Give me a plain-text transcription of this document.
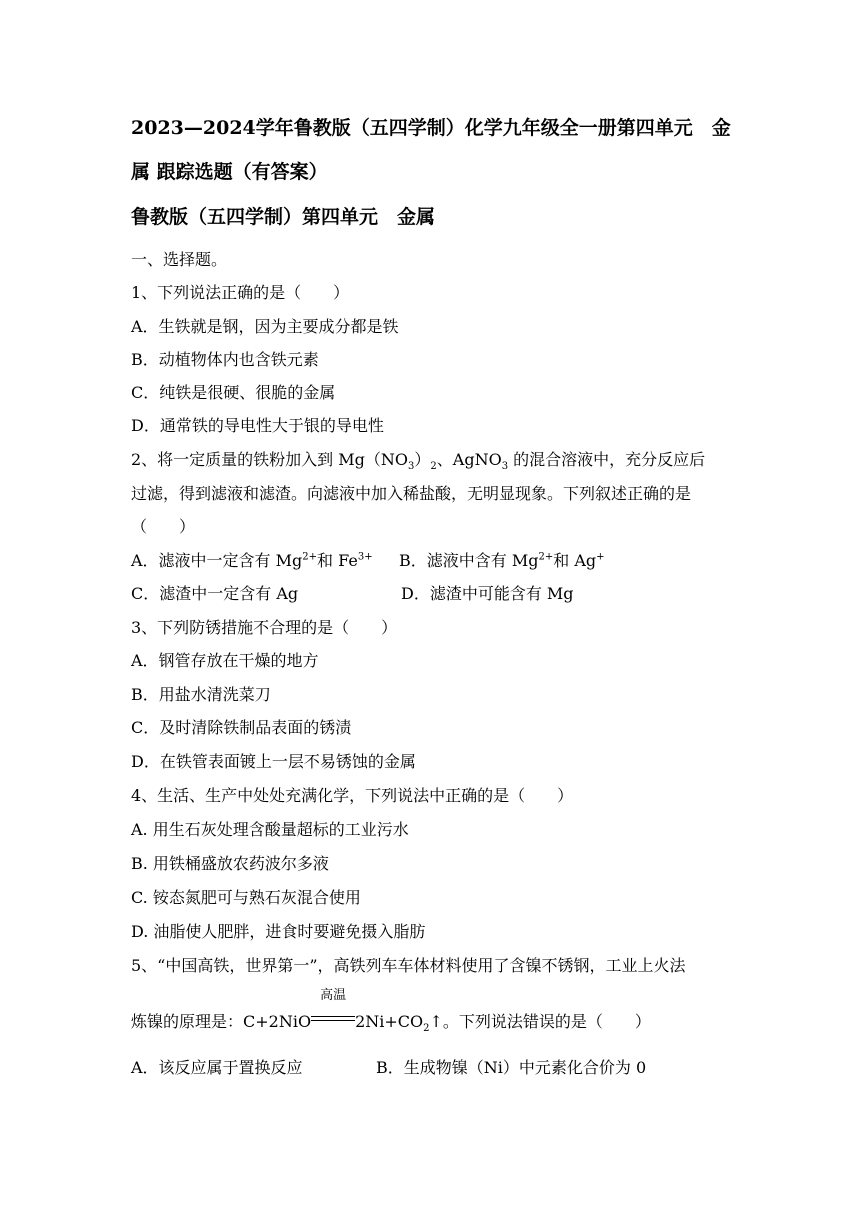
2023—2024学年鲁教版（五四学制）化学九年级全一册第四单元　金
属 跟踪选题（有答案）
鲁教版（五四学制）第四单元　金属
一、选择题。
1、下列说法正确的是（　　）
A．生铁就是钢，因为主要成分都是铁
B．动植物体内也含铁元素
C．纯铁是很硬、很脆的金属
D．通常铁的导电性大于银的导电性
2、将一定质量的铁粉加入到 $Mg(NO_3)_2$、AgNO$_3$ 的混合溶液中，充分反应后
过滤，得到滤液和滤渣。向滤液中加入稀盐酸，无明显现象。下列叙述正确的是
（　　）
A．滤液中一定含有 $Mg^{2+}$和 $Fe^{3+}$ B．滤液中含有 $Mg^{2+}$和 Ag+
C．滤渣中一定含有 Ag	D．滤渣中可能含有 Mg
3、下列防锈措施不合理的是（　　）
A．钢管存放在干燥的地方
B．用盐水清洗菜刀
C．及时清除铁制品表面的锈渍
D．在铁管表面镀上一层不易锈蚀的金属
4、生活、生产中处处充满化学，下列说法中正确的是（　　）
A. 用生石灰处理含酸量超标的工业污水
B. 用铁桶盛放农药波尔多液
C. 铵态氮肥可与熟石灰混合使用
D. 油脂使人肥胖，进食时要避免摄入脂肪
5、“中国高铁，世界第一”，高铁列车车体材料使用了含镍不锈钢，工业上火法
炼镍的原理是：C+2NiO
高温
$2Ni+CO_2↑$。下列说法错误的是（　　）
A．该反应属于置换反应	B．生成物镍（Ni）中元素化合价为 0
